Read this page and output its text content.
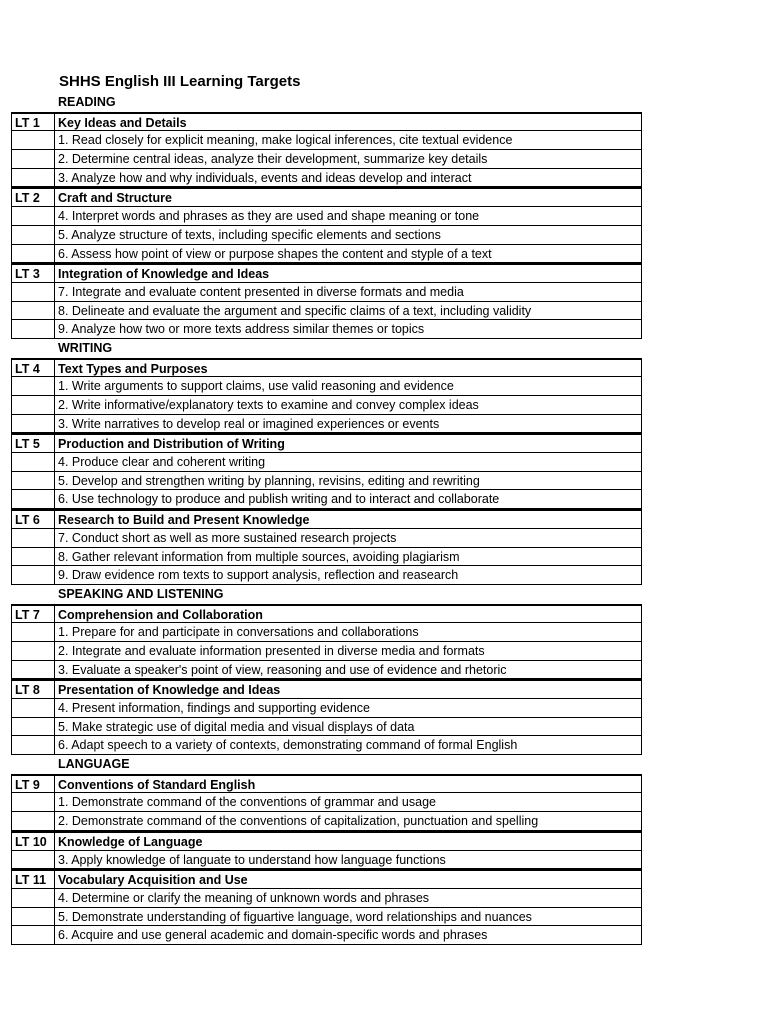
SHHS English III Learning Targets
READING
LT 1	Key Ideas and Details
1. Read closely for explicit meaning, make logical inferences, cite textual evidence
2. Determine central ideas, analyze their development, summarize key details
3. Analyze how and why individuals, events and ideas develop and interact
LT 2	Craft and Structure
4. Interpret words and phrases as they are used and shape meaning or tone
5. Analyze structure of texts, including specific elements and sections
6. Assess how point of view or purpose shapes the content and styple of a text
LT 3	Integration of Knowledge and Ideas
7. Integrate and evaluate content presented in diverse formats and media
8. Delineate and evaluate the argument and specific claims of a text, including validity
9. Analyze how two or more texts address similar themes or topics
WRITING
LT 4	Text Types and Purposes
1. Write arguments to support claims, use valid reasoning and evidence
2. Write informative/explanatory texts to examine and convey complex ideas
3. Write narratives to develop real or imagined experiences or events
LT 5	Production and Distribution of Writing
4. Produce clear and coherent writing
5. Develop and strengthen writing by planning, revisins, editing and rewriting
6. Use technology to produce and publish writing and to interact and collaborate
LT 6	Research to Build and Present Knowledge
7. Conduct short as well as more sustained research projects
8. Gather relevant information from multiple sources, avoiding plagiarism
9. Draw evidence rom texts to support analysis, reflection and reasearch
SPEAKING AND LISTENING
LT 7	Comprehension and Collaboration
1. Prepare for and participate in conversations and collaborations
2. Integrate and evaluate information presented in diverse media and formats
3. Evaluate a speaker's point of view, reasoning and use of evidence and rhetoric
LT 8	Presentation of Knowledge and Ideas
4. Present information, findings and supporting evidence
5. Make strategic use of digital media and visual displays of data
6. Adapt speech to a variety of contexts, demonstrating command of formal English
LANGUAGE
LT 9	Conventions of Standard English
1. Demonstrate command of the conventions of grammar and usage
2. Demonstrate command of the conventions of capitalization, punctuation and spelling
LT 10 Knowledge of Language
3. Apply knowledge of languate to understand how language functions
LT 11 Vocabulary Acquisition and Use
4. Determine or clarify the meaning of unknown words and phrases
5. Demonstrate understanding of figuartive language, word relationships and nuances
6. Acquire and use general academic and domain-specific words and phrases
